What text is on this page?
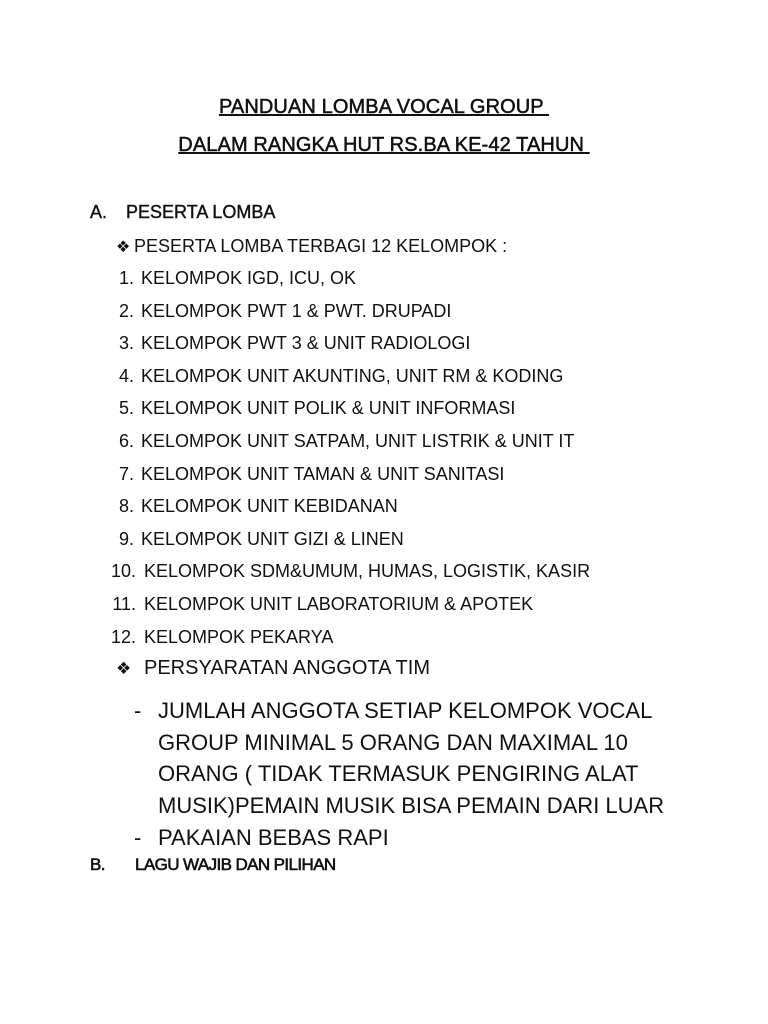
PANDUAN LOMBA VOCAL GROUP
DALAM RANGKA HUT RS.BA KE-42 TAHUN
A. PESERTA LOMBA
❖ PESERTA LOMBA TERBAGI 12 KELOMPOK :
1. KELOMPOK IGD, ICU, OK
2. KELOMPOK PWT 1 & PWT. DRUPADI
3. KELOMPOK PWT 3 & UNIT RADIOLOGI
4. KELOMPOK UNIT AKUNTING, UNIT RM & KODING
5. KELOMPOK UNIT POLIK & UNIT INFORMASI
6. KELOMPOK UNIT SATPAM, UNIT LISTRIK & UNIT IT
7. KELOMPOK UNIT TAMAN & UNIT SANITASI
8. KELOMPOK UNIT KEBIDANAN
9. KELOMPOK UNIT GIZI & LINEN
10. KELOMPOK SDM&UMUM, HUMAS, LOGISTIK, KASIR
11. KELOMPOK UNIT LABORATORIUM & APOTEK
12. KELOMPOK PEKARYA
❖ PERSYARATAN ANGGOTA TIM
- JUMLAH ANGGOTA SETIAP KELOMPOK VOCAL GROUP MINIMAL 5 ORANG DAN MAXIMAL 10 ORANG ( TIDAK TERMASUK PENGIRING ALAT MUSIK)PEMAIN MUSIK BISA PEMAIN DARI LUAR
- PAKAIAN BEBAS RAPI
B. LAGU WAJIB DAN PILIHAN
